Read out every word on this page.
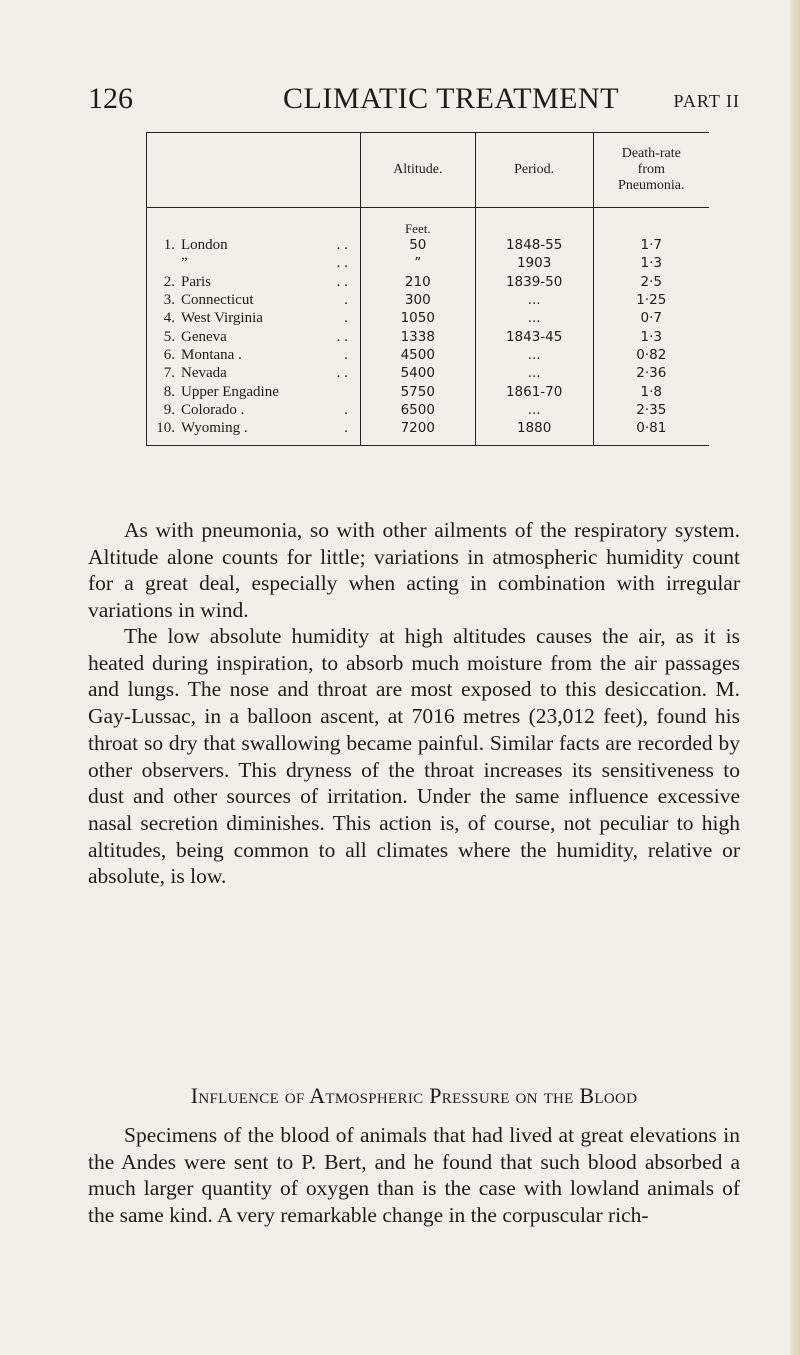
126	CLIMATIC TREATMENT	PART II
	Altitude.	Period.	Death-rate
from
Pneumonia.
	Feet.		
1. London . .	50	1848-55	1·7
” . .	”	1903	1·3
2. Paris . .	210	1839-50	2·5
3. Connecticut .	300	...	1·25
4. West Virginia .	1050	...	0·7
5. Geneva . .	1338	1843-45	1·3
6. Montana . .	4500	...	0·82
7. Nevada . .	5400	...	2·36
8. Upper Engadine	5750	1861-70	1·8
9. Colorado . .	6500	...	2·35
10. Wyoming . .	7200	1880	0·81

As with pneumonia, so with other ailments of the respiratory system. Altitude alone counts for little; variations in atmospheric humidity count for a great deal, especially when acting in combination with irregular variations in wind.

The low absolute humidity at high altitudes causes the air, as it is heated during inspiration, to absorb much moisture from the air passages and lungs. The nose and throat are most exposed to this desiccation. M. Gay-Lussac, in a balloon ascent, at 7016 metres (23,012 feet), found his throat so dry that swallowing became painful. Similar facts are recorded by other observers. This dryness of the throat increases its sensitiveness to dust and other sources of irritation. Under the same influence excessive nasal secretion diminishes. This action is, of course, not peculiar to high altitudes, being common to all climates where the humidity, relative or absolute, is low.

Influence of Atmospheric Pressure on the Blood

Specimens of the blood of animals that had lived at great elevations in the Andes were sent to P. Bert, and he found that such blood absorbed a much larger quantity of oxygen than is the case with lowland animals of the same kind. A very remarkable change in the corpuscular rich-
